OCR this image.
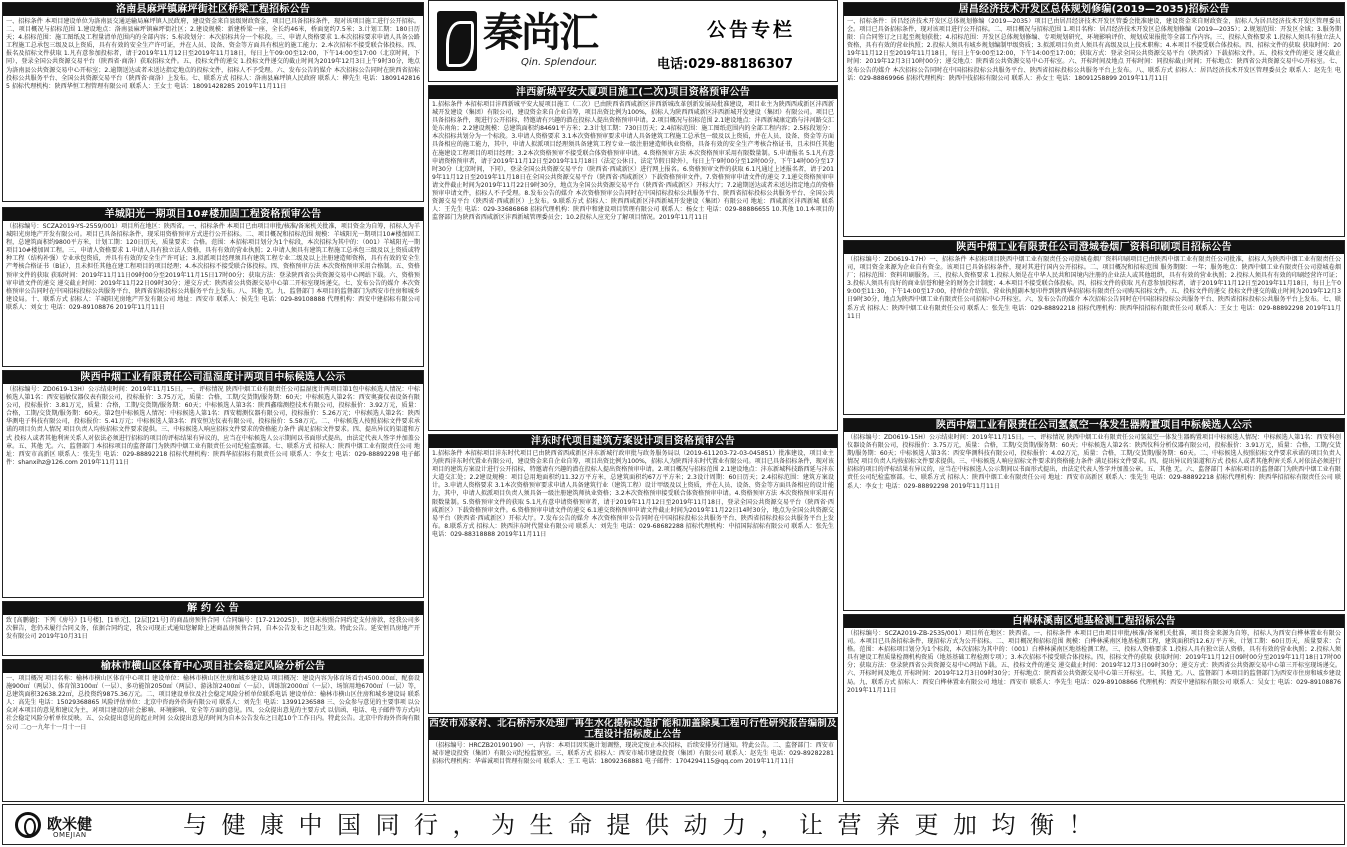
洛南县麻坪镇麻坪街社区桥梁工程招标公告
一、招标条件 本项目建设单位为洛南县交通运输局麻坪镇人民政府，建设资金来自县级财政资金，项目已具备招标条件，现对该项目施工进行公开招标。二、项目概况与招标范围 1.建设地点：洛南县麻坪镇麻坪街社区；2.建设规模：新建桥梁一座，全长约46米，桥面宽约7.5米；3.计划工期：180日历天；4.招标范围：施工图纸及工程量清单范围内的全部内容；5.标段划分：本次招标共分一个标段。三、申请人资格要求 1.本次招标要求申请人具备公路工程施工总承包三级及以上资质，具有有效的安全生产许可证，并在人员、设备、资金等方面具有相应的施工能力；2.本次招标不接受联合体投标。四、报名及招标文件获取 1.凡有意参加投标者，请于2019年11月12日至2019年11月18日，每日上午09:00至12:00，下午14:00至17:00（北京时间，下同），登录全国公共资源交易平台（陕西省·商洛）获取招标文件。五、投标文件的递交 1.投标文件递交的截止时间为2019年12月3日上午9时30分，地点为洛南县公共资源交易中心开标室；2.逾期送达或者未送达指定地点的投标文件，招标人不予受理。六、发布公告的媒介 本次招标公告同时在陕西省招标投标公共服务平台、全国公共资源交易平台（陕西省·商洛）上发布。七、联系方式 招标人：洛南县麻坪镇人民政府 联系人：柳先生 电话：18091428165 招标代理机构：陕西华恒工程管理有限公司 联系人：王女士 电话：18091428285 2019年11月11日
羊城阳光一期项目10#楼加固工程资格预审公告
（招标编号：SCZA2019-YS-2559/001）项目所在地区：陕西省。一、招标条件 本项目已由项目审批/核准/备案机关批准，项目资金为自筹，招标人为羊城阳光房地产开发有限公司。项目已具备招标条件，现采用资格预审方式进行公开招标。二、项目概况和招标范围 规模：羊城阳光一期项目10#楼加固工程，总建筑面积约9800平方米，计划工期：120日历天，质量要求：合格。范围：本招标项目划分为1个标段，本次招标为其中的：（001）羊城阳光一期项目10#楼加固工程。三、申请人资格要求 1.申请人具有独立法人资格，具有有效的营业执照；2.申请人须具有建筑工程施工总承包三级及以上资质或特种工程（结构补强）专业承包资质，并具有有效的安全生产许可证；3.拟派项目经理须具有建筑工程专业二级及以上注册建造师资格，具有有效的安全生产考核合格证书（B证），且未担任其他在建工程项目的项目经理；4.本次招标不接受联合体投标。四、资格预审方法 本次资格预审采用合格制。五、资格预审文件的获取 获取时间：2019年11月11日09时00分至2019年11月15日17时00分；获取方法：登录陕西省公共资源交易中心网站下载。六、资格预审申请文件的递交 递交截止时间：2019年11月22日09时30分；递交方式：陕西省公共资源交易中心第二开标室现场递交。七、发布公告的媒介 本次资格预审公告同时在中国招标投标公共服务平台、陕西省招标投标公共服务平台上发布。八、其他 无。九、监督部门 本项目的监督部门为西安市住房和城乡建设局。十、联系方式 招标人：羊城阳光房地产开发有限公司 地址：西安市 联系人：侯先生 电话：029-89108888 代理机构：西安中建招标有限公司 联系人：刘女士 电话：029-89108876 2019年11月11日
陕西中烟工业有限责任公司温湿度计两项目中标候选人公示
（招标编号：ZD0619-13H）公示结束时间：2019年11月15日。一、评标情况 陕西中烟工业有限责任公司温湿度计两项目第1包中标候选人情况：中标候选人第1名：西安福敏仪器仪表有限公司，投标报价：3.75万元，质量：合格，工期/交货期/服务期：60天；中标候选人第2名：西安奥赛仪表设备有限公司，投标报价：3.81万元，质量：合格，工期/交货期/服务期：60天；中标候选人第3名：陕西鑫瑞测控技术有限公司，投标报价：3.92万元，质量：合格，工期/交货期/服务期：60天。第2包中标候选人情况：中标候选人第1名：西安精测仪器有限公司，投标报价：5.26万元；中标候选人第2名：陕西华测电子科技有限公司，投标报价：5.41万元；中标候选人第3名：西安恒达仪表有限公司，投标报价：5.58万元。二、中标候选人按照招标文件要求承诺的项目负责人情况 项目负责人均按招标文件要求提供。三、中标候选人响应招标文件要求的资格能力条件 满足招标文件要求。四、提出异议的渠道和方式 投标人或者其他利害关系人对依法必须进行招标的项目的评标结果有异议的，应当在中标候选人公示期间以书面形式提出，由法定代表人签字并加盖公章。五、其他 无。六、监督部门 本招标项目的监督部门为陕西中烟工业有限责任公司纪检监察部。七、联系方式 招标人：陕西中烟工业有限责任公司 地址：西安市高新区 联系人：张先生 电话：029-88892218 招标代理机构：陕西华招招标有限责任公司 联系人：李女士 电话：029-88892298 电子邮件：shanxihz@126.com 2019年11月11日
解 约 公 告
致 [高鹏德]：下列《房号》[1号楼]、[1单元]、[2层][21号] 的商品房预售合同（合同编号：[17-212025]），因您未按照合同约定支付房款，经我公司多次催告，您仍未履行合同义务，依据合同约定，我公司现正式通知您解除上述商品房预售合同，自本公告发布之日起生效。特此公告。延安恒昌房地产开发有限公司 2019年10月31日
榆林市横山区体育中心项目社会稳定风险分析公告
一、项目概况 项目名称：榆林市横山区体育中心项目 建设单位：榆林市横山区住房和城乡建设局 项目概况：建设内容为体育场看台4500.00㎡、配套设施900㎡（两层）、体育馆3100㎡（一层）、多功能馆2050㎡（两层）、游泳馆2400㎡（一层）、训练馆2000㎡（一层）、场馆用地6700㎡（一层）等，总建筑面积32638.22㎡，总投资约9875.36万元。二、项目建设单位及社会稳定风险分析单位联系电话 建设单位：榆林市横山区住房和城乡建设局 联系人：高先生 电话：15029368865 风险评估单位：北京中咨海外咨询有限公司 联系人：刘先生 电话：13991236588 三、公众参与意见的主要事项 以公众对本项目的意见和建议为主，对项目建设的社会影响、环境影响、安全等方面的意见。四、公众提出意见的主要方式 以信函、电话、电子邮件等方式向社会稳定风险分析单位反映。五、公众提出意见的起止时间 公众提出意见的时间为自本公告发布之日起10个工作日内。特此公告。北京中咨海外咨询有限公司 二○一九年十一月十一日
秦尚汇
Qin. Splendour.
公告专栏
电话:029-88186307
沣西新城平安大厦项目施工(二次)项目资格预审公告
1.招标条件 本招标项目沣西新城平安大厦项目施工（二次）已由陕西省西咸新区沣西新城改革创新发展局批准建设，项目业主为陕西西咸新区沣西新城开发建设（集团）有限公司，建设资金来自企业自筹，项目出资比例为100%，招标人为陕西西咸新区沣西新城开发建设（集团）有限公司。项目已具备招标条件，现进行公开招标，特邀请有兴趣的潜在投标人提出资格预审申请。2.项目概况与招标范围 2.1建设地点：沣西新城康定路与沣河路交汇处东南角；2.2建设规模：总建筑面积约84691平方米；2.3计划工期：730日历天；2.4招标范围：施工图纸范围内的全部工程内容；2.5标段划分：本次招标共划分为一个标段。3.申请人资格要求 3.1本次资格预审要求申请人具备建筑工程施工总承包一级及以上资质，并在人员、设备、资金等方面具备相应的施工能力，其中，申请人拟派项目经理须具备建筑工程专业一级注册建造师执业资格，具备有效的安全生产考核合格证书，且未担任其他在施建设工程项目的项目经理；3.2本次资格预审不接受联合体资格预审申请。4.资格预审方法 本次资格预审采用有限数量制。5.申请报名 5.1凡有意申请资格预审者，请于2019年11月12日至2019年11月18日（法定公休日、法定节假日除外），每日上午9时00分至12时00分，下午14时00分至17时30分（北京时间，下同），登录全国公共资源交易平台（陕西省·西咸新区）进行网上报名。6.资格预审文件的获取 6.1凡通过上述报名者，请于2019年11月12日至2019年11月18日在全国公共资源交易平台（陕西省·西咸新区）下载资格预审文件。7.资格预审申请文件的递交 7.1递交资格预审申请文件截止时间为2019年11月22日9时30分，地点为全国公共资源交易平台（陕西省·西咸新区）开标大厅；7.2逾期送达或者未送达指定地点的资格预审申请文件，招标人不予受理。8.发布公告的媒介 本次资格预审公告同时在中国招标投标公共服务平台、陕西省招标投标公共服务平台、全国公共资源交易平台（陕西省·西咸新区）上发布。9.联系方式 招标人：陕西西咸新区沣西新城开发建设（集团）有限公司 地址：西咸新区沣西新城 联系人：王先生 电话：029-33686868 招标代理机构：陕西中和建设项目管理有限公司 联系人：杨女士 电话：029-88886655 10.其他 10.1本项目的监督部门为陕西省西咸新区沣西新城管理委员会；10.2投标人应充分了解项目情况。2019年11月11日
沣东时代项目建筑方案设计项目资格预审公告
1.招标条件 本招标项目沣东时代项目已由陕西省西咸新区沣东新城行政审批与政务服务局以（2019-611203-72-03-045851）批准建设，项目业主为陕西沣东时代置业有限公司，建设资金来自企业自筹，项目出资比例为100%，招标人为陕西沣东时代置业有限公司。项目已具备招标条件，现对该项目的建筑方案设计进行公开招标，特邀请有兴趣的潜在投标人提出资格预审申请。2.项目概况与招标范围 2.1建设地点：沣东新城科技路西延与沣东大道交汇处；2.2建设规模：项目总用地面积约11.32万平方米，总建筑面积约67万平方米；2.3设计周期：60日历天；2.4招标范围：建筑方案设计。3.申请人资格要求 3.1本次资格预审要求申请人具备建筑行业（建筑工程）设计甲级及以上资质，并在人员、设备、资金等方面具备相应的设计能力，其中，申请人拟派项目负责人须具备一级注册建筑师执业资格；3.2本次资格预审接受联合体资格预审申请。4.资格预审方法 本次资格预审采用有限数量制。5.资格预审文件的获取 5.1凡有意申请资格预审者，请于2019年11月12日至2019年11月18日，登录全国公共资源交易平台（陕西省·西咸新区）下载资格预审文件。6.资格预审申请文件的递交 6.1递交资格预审申请文件截止时间为2019年11月22日14时30分，地点为全国公共资源交易平台（陕西省·西咸新区）开标大厅。7.发布公告的媒介 本次资格预审公告同时在中国招标投标公共服务平台、陕西省招标投标公共服务平台上发布。8.联系方式 招标人：陕西沣东时代置业有限公司 联系人：刘先生 电话：029-68682288 招标代理机构：中招国际招标有限公司 联系人：张先生 电话：029-88318888 2019年11月11日
西安市邓家村、北石桥污水处理厂再生水化提标改造扩能和加盖除臭工程可行性研究报告编制及工程设计招标废止公告
（招标编号：HRCZB20190190）一、内容：本项目因实施计划调整，现决定废止本次招标，后续安排另行通知。特此公告。二、监督部门：西安市城市建设投资（集团）有限公司纪检监察室。三、联系方式 招标人：西安市城市建设投资（集团）有限公司 联系人：赵先生 电话：029-89282281 招标代理机构：华睿诚项目管理有限公司 联系人：王工 电话：18092368881 电子邮件：1704294115@qq.com 2019年11月11日
居昌经济技术开发区总体规划修编(2019—2035)招标公告
一、招标条件：居昌经济技术开发区总体规划修编（2019—2035）项目已由居昌经济技术开发区管委会批准建设，建设资金来自财政资金，招标人为居昌经济技术开发区管理委员会。项目已具备招标条件，现对该项目进行公开招标。二、项目概况与招标范围 1.项目名称：居昌经济技术开发区总体规划修编（2019—2035）；2.规划范围：开发区全域；3.服务期限：自合同签订之日起至规划获批；4.招标范围：开发区总体规划修编、专项规划研究、环境影响评价、规划成果报批等全部工作内容。三、投标人资格要求 1.投标人须具有独立法人资格，具有有效的营业执照；2.投标人须具有城乡规划编制甲级资质；3.拟派项目负责人须具有高级及以上技术职称；4.本项目不接受联合体投标。四、招标文件的获取 获取时间：2019年11月12日至2019年11月18日，每日上午9:00至12:00，下午14:00至17:00；获取方式：登录全国公共资源交易平台（陕西省）下载招标文件。五、投标文件的递交 递交截止时间：2019年12月3日10时00分；递交地点：陕西省公共资源交易中心开标室。六、开标时间及地点 开标时间：同投标截止时间；开标地点：陕西省公共资源交易中心开标室。七、发布公告的媒介 本次招标公告同时在中国招标投标公共服务平台、陕西省招标投标公共服务平台上发布。八、联系方式 招标人：居昌经济技术开发区管理委员会 联系人：赵先生 电话：029-88869966 招标代理机构：陕西中技招标有限公司 联系人：孙女士 电话：18091258899 2019年11月11日
陕西中烟工业有限责任公司澄城卷烟厂资料印刷项目招标公告
（招标编号：ZD0619-17H）一、招标条件 本招标项目陕西中烟工业有限责任公司澄城卷烟厂资料印刷项目已由陕西中烟工业有限责任公司批准，招标人为陕西中烟工业有限责任公司，项目资金来源为企业自有资金。该项目已具备招标条件，现对其进行国内公开招标。二、项目概况和招标范围 服务期限：一年；服务地点：陕西中烟工业有限责任公司澄城卷烟厂；招标范围：资料印刷服务。三、投标人资格要求 1.投标人须是在中华人民共和国境内注册的企业法人或其他组织，具有有效的营业执照；2.投标人须具有有效的印刷经营许可证；3.投标人须具有良好的商业信誉和健全的财务会计制度；4.本项目不接受联合体投标。四、招标文件的获取 凡有意参加投标者，请于2019年11月12日至2019年11月18日，每日上午09:00至11:30，下午14:00至17:00，持单位介绍信、营业执照副本复印件到陕西华招招标有限责任公司购买招标文件。五、投标文件的递交 投标文件递交的截止时间为2019年12月3日9时30分，地点为陕西中烟工业有限责任公司招标中心开标室。六、发布公告的媒介 本次招标公告同时在中国招标投标公共服务平台、陕西省招标投标公共服务平台上发布。七、联系方式 招标人：陕西中烟工业有限责任公司 联系人：张先生 电话：029-88892218 招标代理机构：陕西华招招标有限责任公司 联系人：王女士 电话：029-88892298 2019年11月11日
陕西中烟工业有限责任公司氢氦空一体发生器购置项目中标候选人公示
（招标编号：ZD0619-15H）公示结束时间：2019年11月15日。一、评标情况 陕西中烟工业有限责任公司氢氦空一体发生器购置项目中标候选人情况：中标候选人第1名：西安科创仪器设备有限公司，投标报价：3.75万元，质量：合格，工期/交货期/服务期：60天；中标候选人第2名：陕西仪科分析仪器有限公司，投标报价：3.91万元，质量：合格，工期/交货期/服务期：60天；中标候选人第3名：西安华测科技有限公司，投标报价：4.02万元，质量：合格，工期/交货期/服务期：60天。二、中标候选人按照招标文件要求承诺的项目负责人情况 项目负责人均按招标文件要求提供。三、中标候选人响应招标文件要求的资格能力条件 满足招标文件要求。四、提出异议的渠道和方式 投标人或者其他利害关系人对依法必须进行招标的项目的评标结果有异议的，应当在中标候选人公示期间以书面形式提出，由法定代表人签字并加盖公章。五、其他 无。六、监督部门 本招标项目的监督部门为陕西中烟工业有限责任公司纪检监察部。七、联系方式 招标人：陕西中烟工业有限责任公司 地址：西安市高新区 联系人：张先生 电话：029-88892218 招标代理机构：陕西华招招标有限责任公司 联系人：李女士 电话：029-88892298 2019年11月11日
白桦林溪南区地基检测工程招标公告
（招标编号：SCZA2019-ZB-2535/001）项目所在地区：陕西省。一、招标条件 本项目已由项目审批/核准/备案机关批准，项目资金来源为自筹，招标人为西安白桦林置业有限公司。本项目已具备招标条件，现招标方式为公开招标。二、项目概况和招标范围 规模：白桦林溪南区地基检测工程，建筑面积约12.6万平方米，计划工期：60日历天，质量要求：合格。范围：本招标项目划分为1个标段，本次招标为其中的：（001）白桦林溪南区地基检测工程。三、投标人资格要求 1.投标人具有独立法人资格，具有有效的营业执照；2.投标人须具有建设工程质量检测机构资质（地基基础工程检测专项）；3.本次招标不接受联合体投标。四、招标文件的获取 获取时间：2019年11月12日09时00分至2019年11月18日17时00分；获取方法：登录陕西省公共资源交易中心网站下载。五、投标文件的递交 递交截止时间：2019年12月3日09时30分；递交方式：陕西省公共资源交易中心第三开标室现场递交。六、开标时间及地点 开标时间：2019年12月3日09时30分；开标地点：陕西省公共资源交易中心第三开标室。七、其他 无。八、监督部门 本项目的监督部门为西安市住房和城乡建设局。九、联系方式 招标人：西安白桦林置业有限公司 地址：西安市 联系人：李先生 电话：029-89108866 代理机构：西安中建招标有限公司 联系人：吴女士 电话：029-89108876 2019年11月11日
欧米健
OMEJIAN	与健康中国同行，为生命提供动力，让营养更加均衡！
